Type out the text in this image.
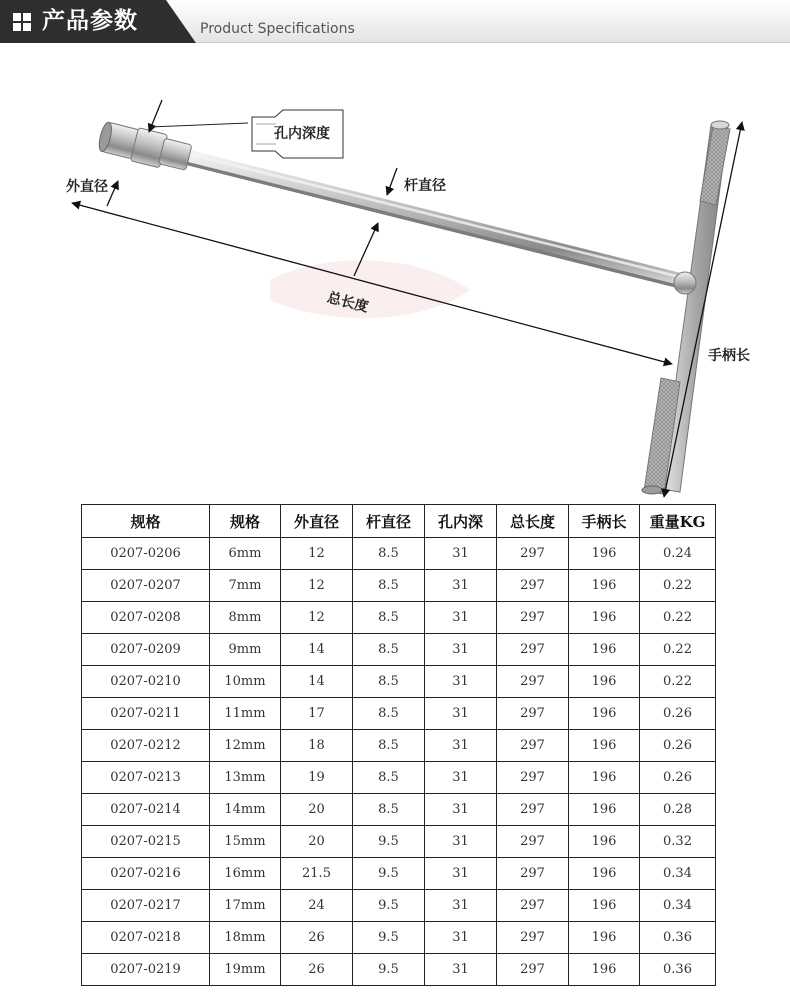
产品参数	Product Specifications
孔内深度
外直径	杆直径
总长度
手柄长
规格	规格	外直径	杆直径	孔内深	总长度	手柄长	重量KG
0207-0206	6mm	12	8.5	31	297	196	0.24
0207-0207	7mm	12	8.5	31	297	196	0.22
0207-0208	8mm	12	8.5	31	297	196	0.22
0207-0209	9mm	14	8.5	31	297	196	0.22
0207-0210	10mm	14	8.5	31	297	196	0.22
0207-0211	11mm	17	8.5	31	297	196	0.26
0207-0212	12mm	18	8.5	31	297	196	0.26
0207-0213	13mm	19	8.5	31	297	196	0.26
0207-0214	14mm	20	8.5	31	297	196	0.28
0207-0215	15mm	20	9.5	31	297	196	0.32
0207-0216	16mm	21.5	9.5	31	297	196	0.34
0207-0217	17mm	24	9.5	31	297	196	0.34
0207-0218	18mm	26	9.5	31	297	196	0.36
0207-0219	19mm	26	9.5	31	297	196	0.36
